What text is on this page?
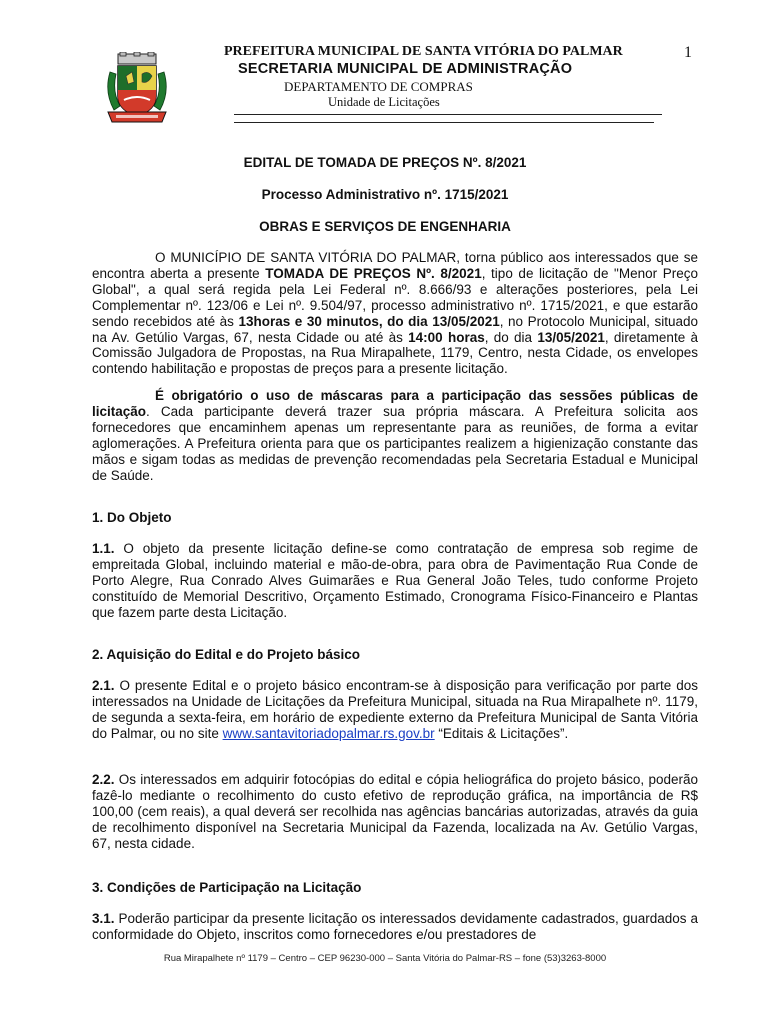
1
PREFEITURA MUNICIPAL DE SANTA VITÓRIA DO PALMAR
SECRETARIA MUNICIPAL DE ADMINISTRAÇÃO
DEPARTAMENTO DE COMPRAS
Unidade de Licitações
EDITAL DE TOMADA DE PREÇOS Nº. 8/2021
Processo Administrativo nº. 1715/2021
OBRAS E SERVIÇOS DE ENGENHARIA
O MUNICÍPIO DE SANTA VITÓRIA DO PALMAR, torna público aos interessados que se encontra aberta a presente TOMADA DE PREÇOS Nº. 8/2021, tipo de licitação de "Menor Preço Global", a qual será regida pela Lei Federal nº. 8.666/93 e alterações posteriores, pela Lei Complementar nº. 123/06 e Lei nº. 9.504/97, processo administrativo nº. 1715/2021, e que estarão sendo recebidos até às 13horas e 30 minutos, do dia 13/05/2021, no Protocolo Municipal, situado na Av. Getúlio Vargas, 67, nesta Cidade ou até às 14:00 horas, do dia 13/05/2021, diretamente à Comissão Julgadora de Propostas, na Rua Mirapalhete, 1179, Centro, nesta Cidade, os envelopes contendo habilitação e propostas de preços para a presente licitação.
É obrigatório o uso de máscaras para a participação das sessões públicas de licitação. Cada participante deverá trazer sua própria máscara. A Prefeitura solicita aos fornecedores que encaminhem apenas um representante para as reuniões, de forma a evitar aglomerações. A Prefeitura orienta para que os participantes realizem a higienização constante das mãos e sigam todas as medidas de prevenção recomendadas pela Secretaria Estadual e Municipal de Saúde.
1. Do Objeto
1.1. O objeto da presente licitação define-se como contratação de empresa sob regime de empreitada Global, incluindo material e mão-de-obra, para obra de Pavimentação Rua Conde de Porto Alegre, Rua Conrado Alves Guimarães e Rua General João Teles, tudo conforme Projeto constituído de Memorial Descritivo, Orçamento Estimado, Cronograma Físico-Financeiro e Plantas que fazem parte desta Licitação.
2. Aquisição do Edital e do Projeto básico
2.1. O presente Edital e o projeto básico encontram-se à disposição para verificação por parte dos interessados na Unidade de Licitações da Prefeitura Municipal, situada na Rua Mirapalhete nº. 1179, de segunda a sexta-feira, em horário de expediente externo da Prefeitura Municipal de Santa Vitória do Palmar, ou no site www.santavitoriadopalmar.rs.gov.br “Editais & Licitações”.
2.2. Os interessados em adquirir fotocópias do edital e cópia heliográfica do projeto básico, poderão fazê-lo mediante o recolhimento do custo efetivo de reprodução gráfica, na importância de R$ 100,00 (cem reais), a qual deverá ser recolhida nas agências bancárias autorizadas, através da guia de recolhimento disponível na Secretaria Municipal da Fazenda, localizada na Av. Getúlio Vargas, 67, nesta cidade.
3. Condições de Participação na Licitação
3.1. Poderão participar da presente licitação os interessados devidamente cadastrados, guardados a conformidade do Objeto, inscritos como fornecedores e/ou prestadores de
Rua Mirapalhete nº 1179 – Centro – CEP 96230-000 – Santa Vitória do Palmar-RS – fone (53)3263-8000
